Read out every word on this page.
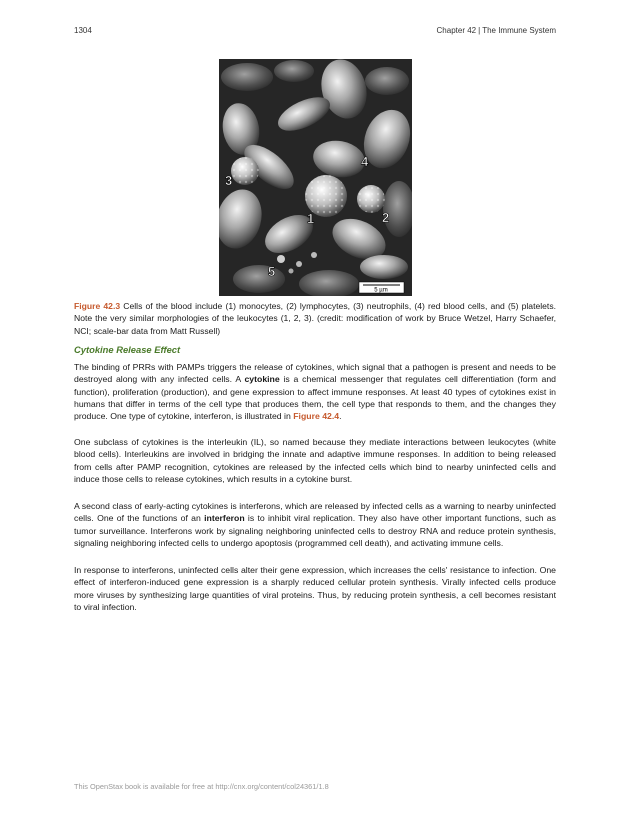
1304	Chapter 42 | The Immune System
1	2
3
4
5
5 µm

Figure 42.3 Cells of the blood include (1) monocytes, (2) lymphocytes, (3) neutrophils, (4) red blood cells, and (5) platelets. Note the very similar morphologies of the leukocytes (1, 2, 3). (credit: modification of work by Bruce Wetzel, Harry Schaefer, NCI; scale-bar data from Matt Russell)

Cytokine Release Effect

The binding of PRRs with PAMPs triggers the release of cytokines, which signal that a pathogen is present and needs to be destroyed along with any infected cells. A cytokine is a chemical messenger that regulates cell differentiation (form and function), proliferation (production), and gene expression to affect immune responses. At least 40 types of cytokines exist in humans that differ in terms of the cell type that produces them, the cell type that responds to them, and the changes they produce. One type of cytokine, interferon, is illustrated in Figure 42.4.

One subclass of cytokines is the interleukin (IL), so named because they mediate interactions between leukocytes (white blood cells). Interleukins are involved in bridging the innate and adaptive immune responses. In addition to being released from cells after PAMP recognition, cytokines are released by the infected cells which bind to nearby uninfected cells and induce those cells to release cytokines, which results in a cytokine burst.

A second class of early-acting cytokines is interferons, which are released by infected cells as a warning to nearby uninfected cells. One of the functions of an interferon is to inhibit viral replication. They also have other important functions, such as tumor surveillance. Interferons work by signaling neighboring uninfected cells to destroy RNA and reduce protein synthesis, signaling neighboring infected cells to undergo apoptosis (programmed cell death), and activating immune cells.

In response to interferons, uninfected cells alter their gene expression, which increases the cells' resistance to infection. One effect of interferon-induced gene expression is a sharply reduced cellular protein synthesis. Virally infected cells produce more viruses by synthesizing large quantities of viral proteins. Thus, by reducing protein synthesis, a cell becomes resistant to viral infection.

This OpenStax book is available for free at http://cnx.org/content/col24361/1.8
